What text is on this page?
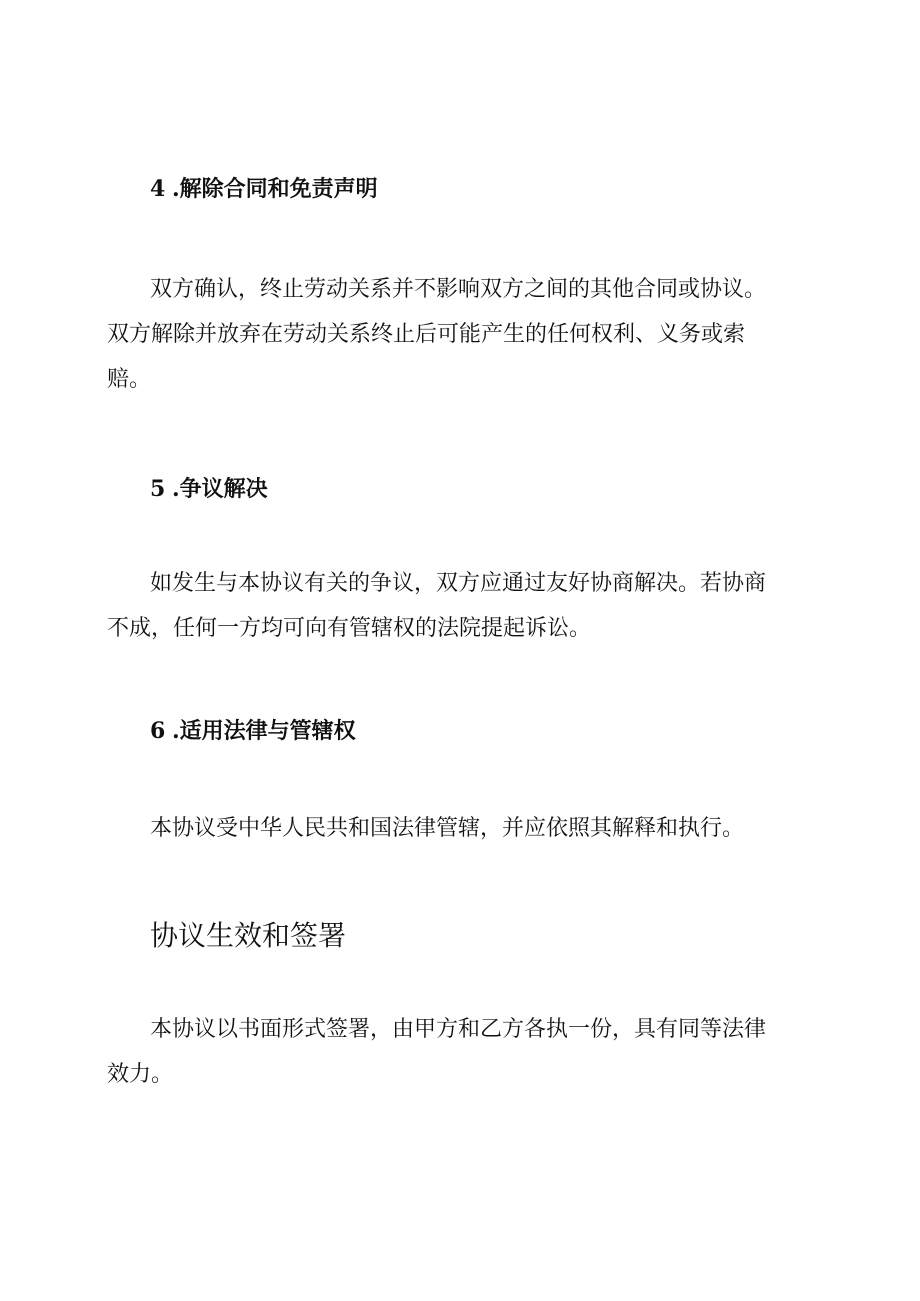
4 .解除合同和免责声明

双方确认，终止劳动关系并不影响双方之间的其他合同或协议。
双方解除并放弃在劳动关系终止后可能产生的任何权利、义务或索
赔。

5 .争议解决

如发生与本协议有关的争议，双方应通过友好协商解决。若协商
不成，任何一方均可向有管辖权的法院提起诉讼。

6 .适用法律与管辖权

本协议受中华人民共和国法律管辖，并应依照其解释和执行。

协议生效和签署

本协议以书面形式签署，由甲方和乙方各执一份，具有同等法律
效力。
